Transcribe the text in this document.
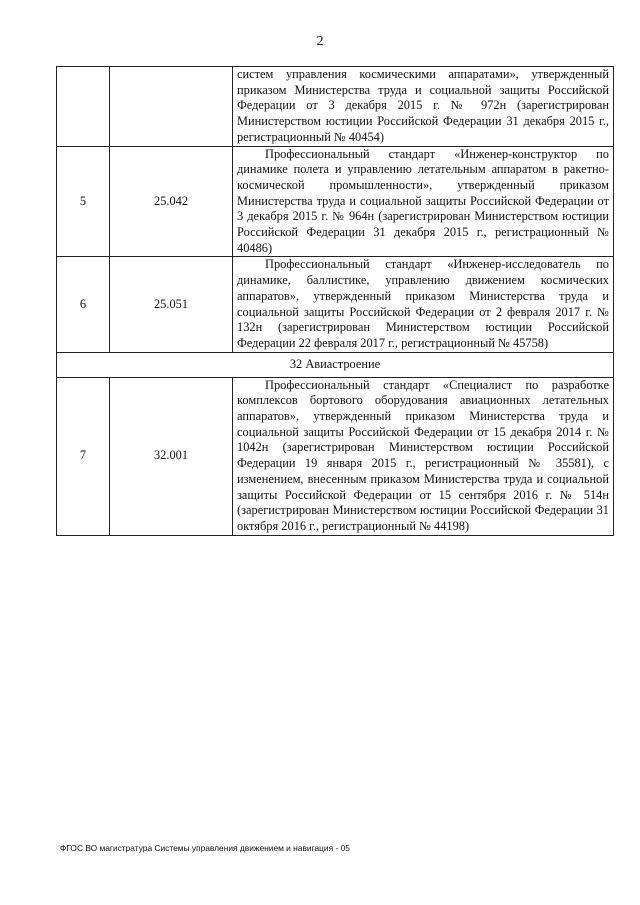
2

		систем управления космическими аппаратами», утвержденный приказом Министерства труда и социальной защиты Российской Федерации от 3 декабря 2015 г. № 972н (зарегистрирован Министерством юстиции Российской Федерации 31 декабря 2015 г., регистрационный № 40454)

5	25.042	Профессиональный стандарт «Инженер-конструктор по динамике полета и управлению летательным аппаратом в ракетно-космической промышленности», утвержденный приказом Министерства труда и социальной защиты Российской Федерации от 3 декабря 2015 г. № 964н (зарегистрирован Министерством юстиции Российской Федерации 31 декабря 2015 г., регистрационный № 40486)

6	25.051	Профессиональный стандарт «Инженер-исследователь по динамике, баллистике, управлению движением космических аппаратов», утвержденный приказом Министерства труда и социальной защиты Российской Федерации от 2 февраля 2017 г. № 132н (зарегистрирован Министерством юстиции Российской Федерации 22 февраля 2017 г., регистрационный № 45758)

32 Авиастроение		
7	32.001	Профессиональный стандарт «Специалист по разработке комплексов бортового оборудования авиационных летательных аппаратов», утвержденный приказом Министерства труда и социальной защиты Российской Федерации от 15 декабря 2014 г. № 1042н (зарегистрирован Министерством юстиции Российской Федерации 19 января 2015 г., регистрационный № 35581), с изменением, внесенным приказом Министерства труда и социальной защиты Российской Федерации от 15 сентября 2016 г. № 514н (зарегистрирован Министерством юстиции Российской Федерации 31 октября 2016 г., регистрационный № 44198)

ФГОС ВО магистратура Системы управления движением и навигация - 05
